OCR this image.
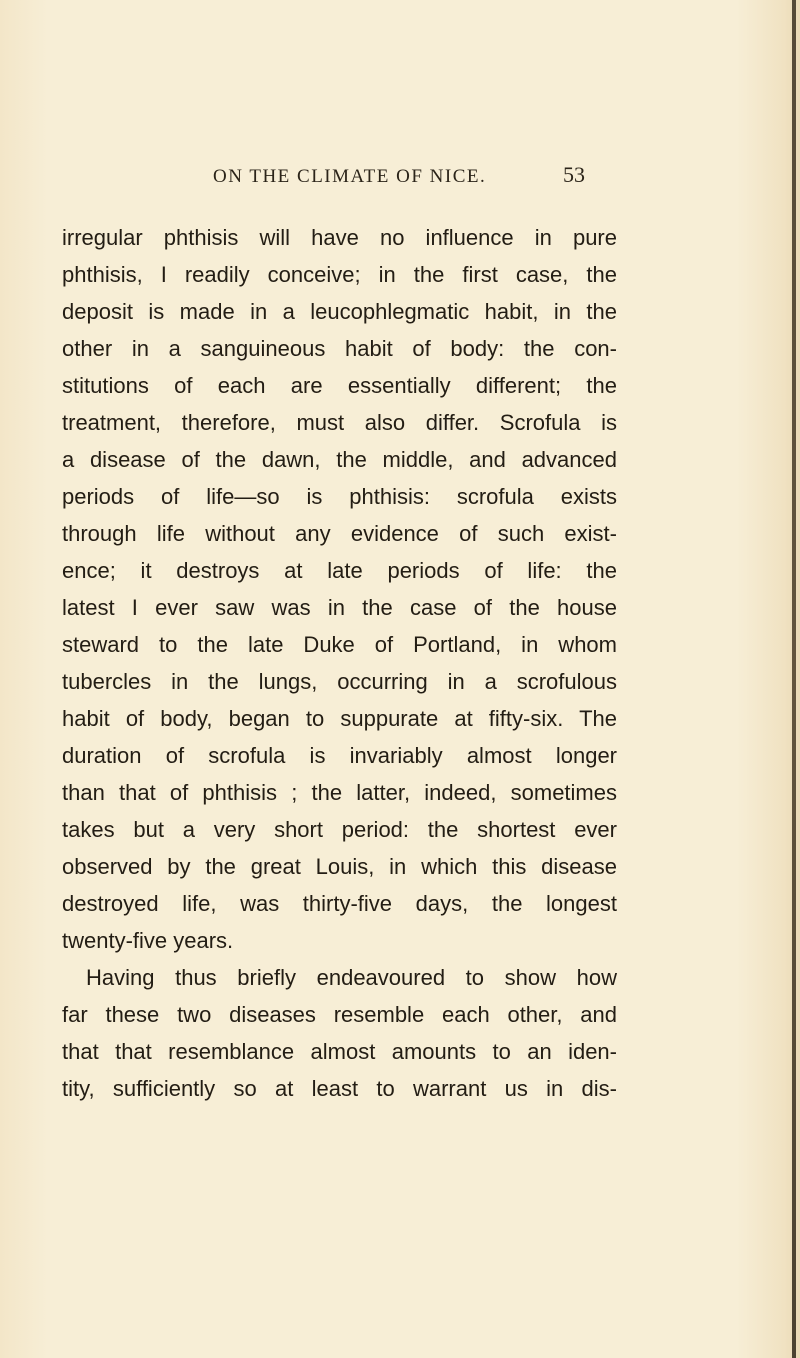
ON THE CLIMATE OF NICE.	53
irregular phthisis will have no influence in pure
phthisis, I readily conceive; in the first case, the
deposit is made in a leucophlegmatic habit, in the
other in a sanguineous habit of body: the con-
stitutions of each are essentially different; the
treatment, therefore, must also differ. Scrofula is
a disease of the dawn, the middle, and advanced
periods of life—so is phthisis: scrofula exists
through life without any evidence of such exist-
ence; it destroys at late periods of life: the
latest I ever saw was in the case of the house
steward to the late Duke of Portland, in whom
tubercles in the lungs, occurring in a scrofulous
habit of body, began to suppurate at fifty-six. The
duration of scrofula is invariably almost longer
than that of phthisis ; the latter, indeed, sometimes
takes but a very short period: the shortest ever
observed by the great Louis, in which this disease
destroyed life, was thirty-five days, the longest
twenty-five years.
Having thus briefly endeavoured to show how
far these two diseases resemble each other, and
that that resemblance almost amounts to an iden-
tity, sufficiently so at least to warrant us in dis-
